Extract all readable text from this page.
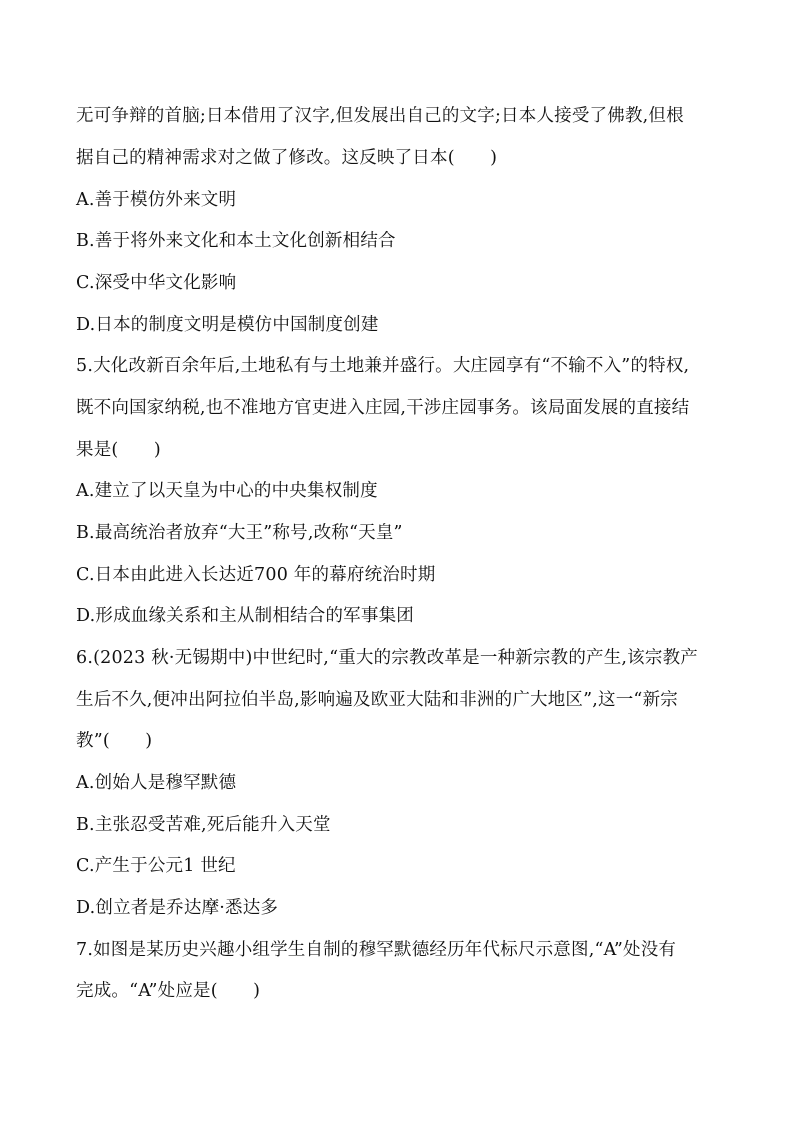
无可争辩的首脑;日本借用了汉字,但发展出自己的文字;日本人接受了佛教,但根
据自己的精神需求对之做了修改。这反映了日本(　　)
A.善于模仿外来文明
B.善于将外来文化和本土文化创新相结合
C.深受中华文化影响
D.日本的制度文明是模仿中国制度创建
5.大化改新百余年后,土地私有与土地兼并盛行。大庄园享有“不输不入”的特权,
既不向国家纳税,也不准地方官吏进入庄园,干涉庄园事务。该局面发展的直接结
果是(　　)
A.建立了以天皇为中心的中央集权制度
B.最高统治者放弃“大王”称号,改称“天皇”
C.日本由此进入长达近700 年的幕府统治时期
D.形成血缘关系和主从制相结合的军事集团
6.(2023 秋·无锡期中)中世纪时,“重大的宗教改革是一种新宗教的产生,该宗教产
生后不久,便冲出阿拉伯半岛,影响遍及欧亚大陆和非洲的广大地区”,这一“新宗
教”(　　)
A.创始人是穆罕默德
B.主张忍受苦难,死后能升入天堂
C.产生于公元1 世纪
D.创立者是乔达摩·悉达多
7.如图是某历史兴趣小组学生自制的穆罕默德经历年代标尺示意图,“A”处没有
完成。“A”处应是(　　)
